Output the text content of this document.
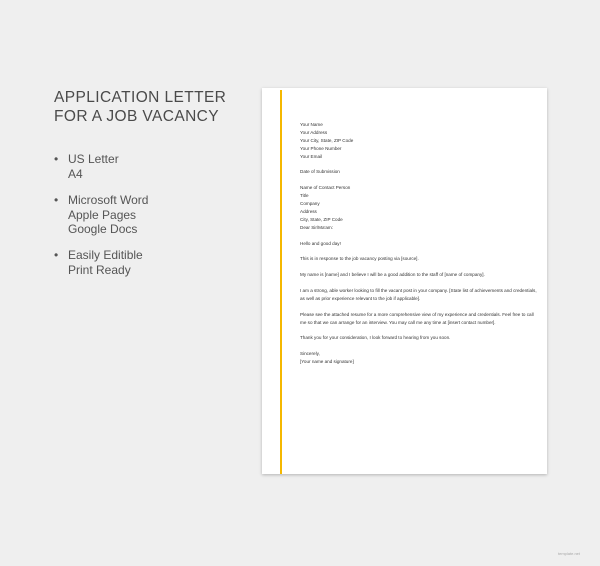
APPLICATION LETTER
FOR A JOB VACANCY
• US Letter
A4
• Microsoft Word
Apple Pages
Google Docs
• Easily Editible
Print Ready
Your Name
Your Address
Your City, State, ZIP Code
Your Phone Number
Your Email
Date of Submission
Name of Contact Person
Title
Company
Address
City, State, ZIP Code
Dear Sir/Ma'am:

Hello and good day!

This is in response to the job vacancy posting via [source].

My name is [name] and I believe I will be a good addition to the staff of [name of company].

I am a strong, able worker looking to fill the vacant post in your company. [State list of achievements and credentials, as well as prior experience relevant to the job if applicable].

Please see the attached resume for a more comprehensive view of my experience and credentials. Feel free to call me so that we can arrange for an interview. You may call me any time at [insert contact number].

Thank you for your consideration, I look forward to hearing from you soon.

Sincerely,
[Your name and signature]
template.net
